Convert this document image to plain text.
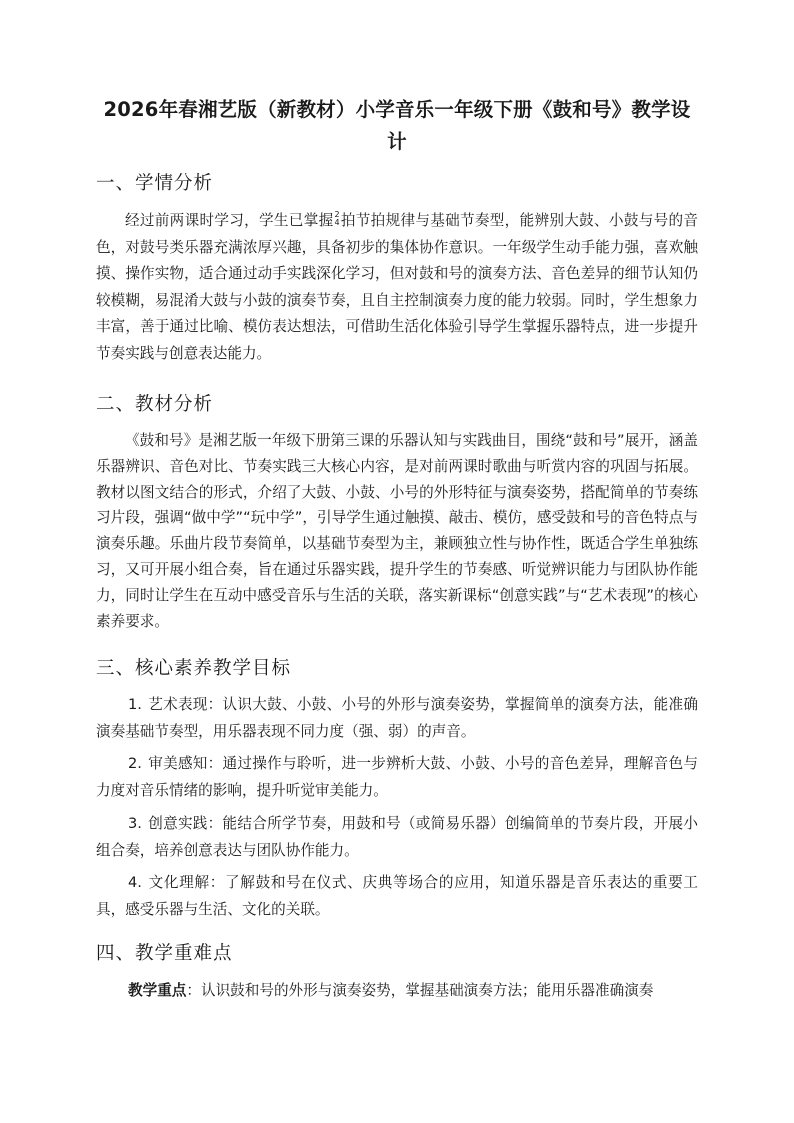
2026年春湘艺版（新教材）小学音乐一年级下册《鼓和号》教学设计
一、学情分析

经过前两课时学习，学生已掌握 2
4 拍节拍规律与基础节奏型，能辨别大鼓、小鼓与号的音色，对鼓号类乐器充满浓厚兴趣，具备初步的集体协作意识。一年级学生动手能力强，喜欢触摸、操作实物，适合通过动手实践深化学习，但对鼓和号的演奏方法、音色差异的细节认知仍较模糊，易混淆大鼓与小鼓的演奏节奏，且自主控制演奏力度的能力较弱。同时，学生想象力丰富，善于通过比喻、模仿表达想法，可借助生活化体验引导学生掌握乐器特点，进一步提升节奏实践与创意表达能力。

二、教材分析

《鼓和号》是湘艺版一年级下册第三课的乐器认知与实践曲目，围绕“鼓和号”展开，涵盖乐器辨识、音色对比、节奏实践三大核心内容，是对前两课时歌曲与听赏内容的巩固与拓展。教材以图文结合的形式，介绍了大鼓、小鼓、小号的外形特征与演奏姿势，搭配简单的节奏练习片段，强调“做中学”“玩中学”，引导学生通过触摸、敲击、模仿，感受鼓和号的音色特点与演奏乐趣。乐曲片段节奏简单，以基础节奏型为主，兼顾独立性与协作性，既适合学生单独练习，又可开展小组合奏，旨在通过乐器实践，提升学生的节奏感、听觉辨识能力与团队协作能力，同时让学生在互动中感受音乐与生活的关联，落实新课标“创意实践”与“艺术表现”的核心素养要求。

三、核心素养教学目标

1. 艺术表现：认识大鼓、小鼓、小号的外形与演奏姿势，掌握简单的演奏方法，能准确演奏基础节奏型，用乐器表现不同力度（强、弱）的声音。

2. 审美感知：通过操作与聆听，进一步辨析大鼓、小鼓、小号的音色差异，理解音色与力度对音乐情绪的影响，提升听觉审美能力。

3. 创意实践：能结合所学节奏，用鼓和号（或简易乐器）创编简单的节奏片段，开展小组合奏，培养创意表达与团队协作能力。

4. 文化理解：了解鼓和号在仪式、庆典等场合的应用，知道乐器是音乐表达的重要工具，感受乐器与生活、文化的关联。

四、教学重难点

教学重点：认识鼓和号的外形与演奏姿势，掌握基础演奏方法；能用乐器准确演奏
